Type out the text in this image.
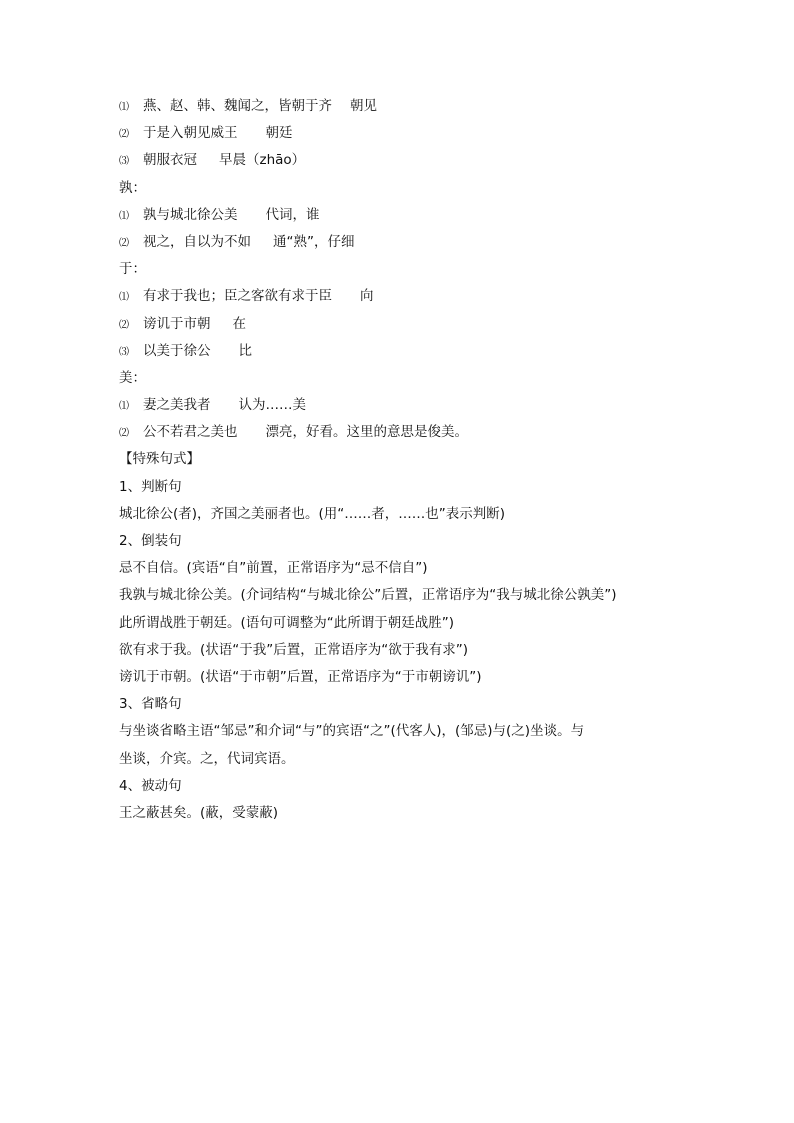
⑴ 燕、赵、韩、魏闻之，皆朝于齐 朝见
⑵ 于是入朝见威王 朝廷
⑶ 朝服衣冠 早晨（zhāo）
孰：
⑴ 孰与城北徐公美 代词，谁
⑵ 视之，自以为不如 通“熟”，仔细
于：
⑴ 有求于我也；臣之客欲有求于臣 向
⑵ 谤讥于市朝 在
⑶ 以美于徐公 比
美：
⑴ 妻之美我者 认为……美
⑵ 公不若君之美也 漂亮，好看。这里的意思是俊美。
【特殊句式】
1、判断句
城北徐公(者)，齐国之美丽者也。(用“……者，……也”表示判断)
2、倒装句
忌不自信。(宾语“自”前置，正常语序为“忌不信自”)
我孰与城北徐公美。(介词结构“与城北徐公”后置，正常语序为“我与城北徐公孰美”)
此所谓战胜于朝廷。(语句可调整为“此所谓于朝廷战胜”)
欲有求于我。(状语“于我”后置，正常语序为“欲于我有求”)
谤讥于市朝。(状语“于市朝”后置，正常语序为“于市朝谤讥”)
3、省略句
与坐谈省略主语“邹忌”和介词“与”的宾语“之”(代客人)，(邹忌)与(之)坐谈。与
坐谈，介宾。之，代词宾语。
4、被动句
王之蔽甚矣。(蔽，受蒙蔽)
